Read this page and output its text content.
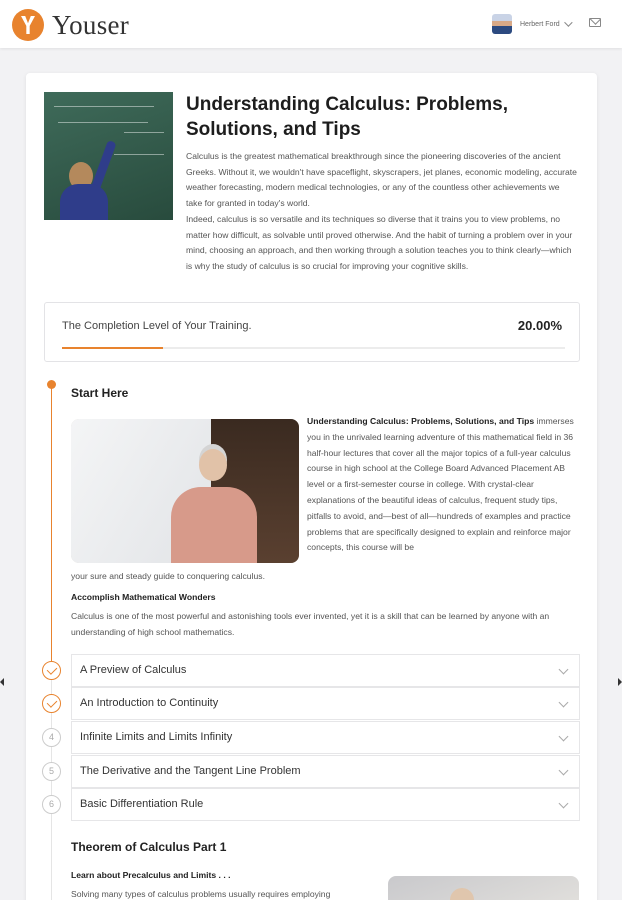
Youser	Herbert Ford
Understanding Calculus: Problems, Solutions, and Tips

Calculus is the greatest mathematical breakthrough since the pioneering discoveries of the ancient Greeks. Without it, we wouldn't have spaceflight, skyscrapers, jet planes, economic modeling, accurate weather forecasting, modern medical technologies, or any of the countless other achievements we take for granted in today's world.

Indeed, calculus is so versatile and its techniques so diverse that it trains you to view problems, no matter how difficult, as solvable until proved otherwise. And the habit of turning a problem over in your mind, choosing an approach, and then working through a solution teaches you to think clearly—which is why the study of calculus is so crucial for improving your cognitive skills.

The Completion Level of Your Training.	20.00%
Start Here
Understanding Calculus: Problems, Solutions, and Tips immerses you in the unrivaled learning adventure of this mathematical field in 36 half-hour lectures that cover all the major topics of a full-year calculus course in high school at the College Board Advanced Placement AB level or a first-semester course in college. With crystal-clear explanations of the beautiful ideas of calculus, frequent study tips, pitfalls to avoid, and—best of all—hundreds of examples and practice problems that are specifically designed to explain and reinforce major concepts, this course will be
your sure and steady guide to conquering calculus.
Accomplish Mathematical Wonders
Calculus is one of the most powerful and astonishing tools ever invented, yet it is a skill that can be learned by anyone with an understanding of high school mathematics.
A Preview of Calculus
An Introduction to Continuity
Infinite Limits and Limits Infinity
4
The Derivative and the Tangent Line Problem
5
Basic Differentiation Rule
6
Theorem of Calculus Part 1
Learn about Precalculus and Limits . . .
Solving many types of calculus problems usually requires employing
